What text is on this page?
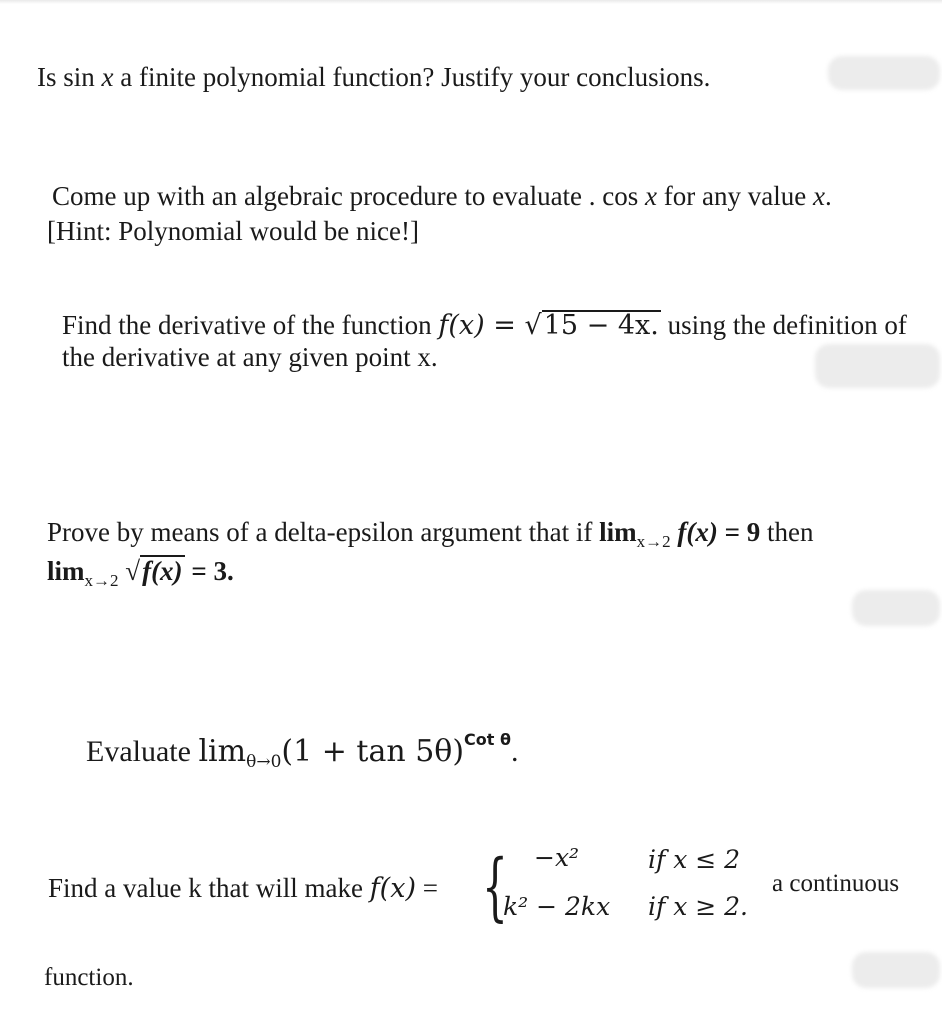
Is sin x a finite polynomial function? Justify your conclusions.
Come up with an algebraic procedure to evaluate . cos x for any value x.
[Hint: Polynomial would be nice!]
Find the derivative of the function f(x) = √15 − 4x. using the definition of
the derivative at any given point x.
Prove by means of a delta-epsilon argument that if $\lim_{x\to 2} f(x) = 9$ then
$\lim_{x\to 2} √f(x) = 3$.
Evaluate $\lim_{\theta\to 0}(1 + \tan 5\theta)^{Cot \theta}$.
Find a value k that will make f(x) = { −x²	if x ≤ 2
k² − 2kx if x ≥ 2.
a continuous
function.
